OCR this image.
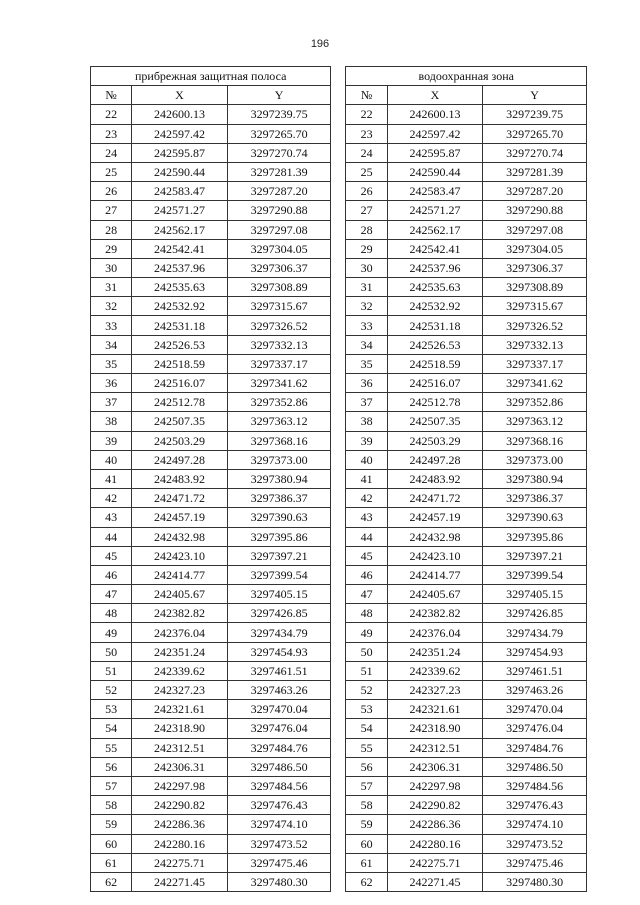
196
прибрежная защитная полоса				водоохранная зона		
№	X	Y		№	X	Y
22	242600.13	3297239.75		22	242600.13	3297239.75
23	242597.42	3297265.70		23	242597.42	3297265.70
24	242595.87	3297270.74		24	242595.87	3297270.74
25	242590.44	3297281.39		25	242590.44	3297281.39
26	242583.47	3297287.20		26	242583.47	3297287.20
27	242571.27	3297290.88		27	242571.27	3297290.88
28	242562.17	3297297.08		28	242562.17	3297297.08
29	242542.41	3297304.05		29	242542.41	3297304.05
30	242537.96	3297306.37		30	242537.96	3297306.37
31	242535.63	3297308.89		31	242535.63	3297308.89
32	242532.92	3297315.67		32	242532.92	3297315.67
33	242531.18	3297326.52		33	242531.18	3297326.52
34	242526.53	3297332.13		34	242526.53	3297332.13
35	242518.59	3297337.17		35	242518.59	3297337.17
36	242516.07	3297341.62		36	242516.07	3297341.62
37	242512.78	3297352.86		37	242512.78	3297352.86
38	242507.35	3297363.12		38	242507.35	3297363.12
39	242503.29	3297368.16		39	242503.29	3297368.16
40	242497.28	3297373.00		40	242497.28	3297373.00
41	242483.92	3297380.94		41	242483.92	3297380.94
42	242471.72	3297386.37		42	242471.72	3297386.37
43	242457.19	3297390.63		43	242457.19	3297390.63
44	242432.98	3297395.86		44	242432.98	3297395.86
45	242423.10	3297397.21		45	242423.10	3297397.21
46	242414.77	3297399.54		46	242414.77	3297399.54
47	242405.67	3297405.15		47	242405.67	3297405.15
48	242382.82	3297426.85		48	242382.82	3297426.85
49	242376.04	3297434.79		49	242376.04	3297434.79
50	242351.24	3297454.93		50	242351.24	3297454.93
51	242339.62	3297461.51		51	242339.62	3297461.51
52	242327.23	3297463.26		52	242327.23	3297463.26
53	242321.61	3297470.04		53	242321.61	3297470.04
54	242318.90	3297476.04		54	242318.90	3297476.04
55	242312.51	3297484.76		55	242312.51	3297484.76
56	242306.31	3297486.50		56	242306.31	3297486.50
57	242297.98	3297484.56		57	242297.98	3297484.56
58	242290.82	3297476.43		58	242290.82	3297476.43
59	242286.36	3297474.10		59	242286.36	3297474.10
60	242280.16	3297473.52		60	242280.16	3297473.52
61	242275.71	3297475.46		61	242275.71	3297475.46
62	242271.45	3297480.30		62	242271.45	3297480.30
